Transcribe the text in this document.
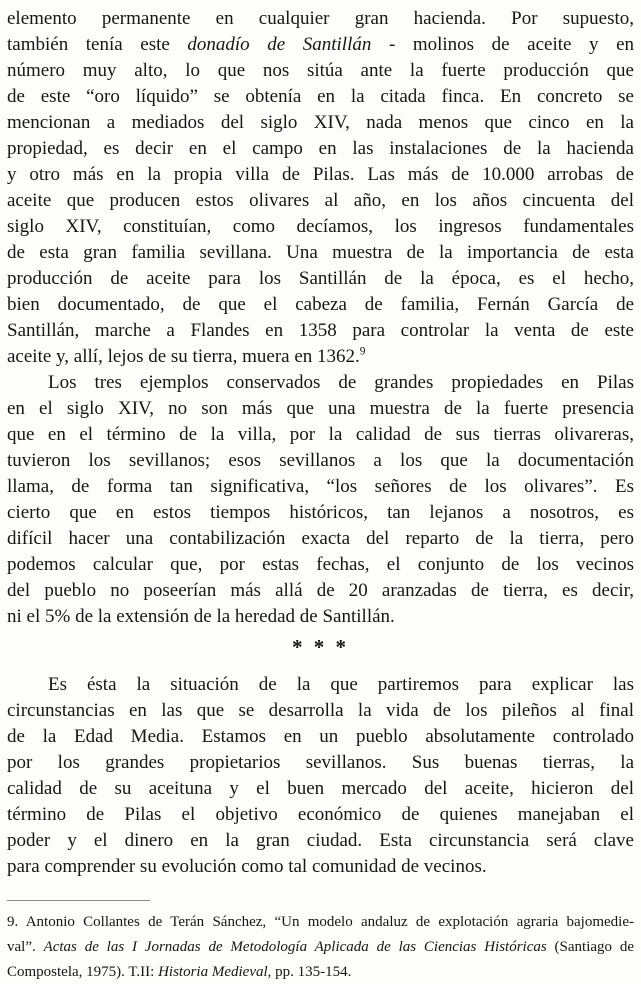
elemento permanente en cualquier gran hacienda. Por supuesto,
también tenía este donadío de Santillán - molinos de aceite y en
número muy alto, lo que nos sitúa ante la fuerte producción que
de este “oro líquido” se obtenía en la citada finca. En concreto se
mencionan a mediados del siglo XIV, nada menos que cinco en la
propiedad, es decir en el campo en las instalaciones de la hacienda
y otro más en la propia villa de Pilas. Las más de 10.000 arrobas de
aceite que producen estos olivares al año, en los años cincuenta del
siglo XIV, constituían, como decíamos, los ingresos fundamentales
de esta gran familia sevillana. Una muestra de la importancia de esta
producción de aceite para los Santillán de la época, es el hecho,
bien documentado, de que el cabeza de familia, Fernán García de
Santillán, marche a Flandes en 1358 para controlar la venta de este
aceite y, allí, lejos de su tierra, muera en 1362.$^9$
Los tres ejemplos conservados de grandes propiedades en Pilas
en el siglo XIV, no son más que una muestra de la fuerte presencia
que en el término de la villa, por la calidad de sus tierras olivareras,
tuvieron los sevillanos; esos sevillanos a los que la documentación
llama, de forma tan significativa, “los señores de los olivares”. Es
cierto que en estos tiempos históricos, tan lejanos a nosotros, es
difícil hacer una contabilización exacta del reparto de la tierra, pero
podemos calcular que, por estas fechas, el conjunto de los vecinos
del pueblo no poseerían más allá de 20 aranzadas de tierra, es decir,
ni el 5% de la extensión de la heredad de Santillán.
* * *
Es ésta la situación de la que partiremos para explicar las
circunstancias en las que se desarrolla la vida de los pileños al final
de la Edad Media. Estamos en un pueblo absolutamente controlado
por los grandes propietarios sevillanos. Sus buenas tierras, la
calidad de su aceituna y el buen mercado del aceite, hicieron del
término de Pilas el objetivo económico de quienes manejaban el
poder y el dinero en la gran ciudad. Esta circunstancia será clave
para comprender su evolución como tal comunidad de vecinos.
9. Antonio Collantes de Terán Sánchez, “Un modelo andaluz de explotación agraria bajomedie-
val”. Actas de las I Jornadas de Metodología Aplicada de las Ciencias Históricas (Santiago de
Compostela, 1975). T.II: Historia Medieval, pp. 135-154.
